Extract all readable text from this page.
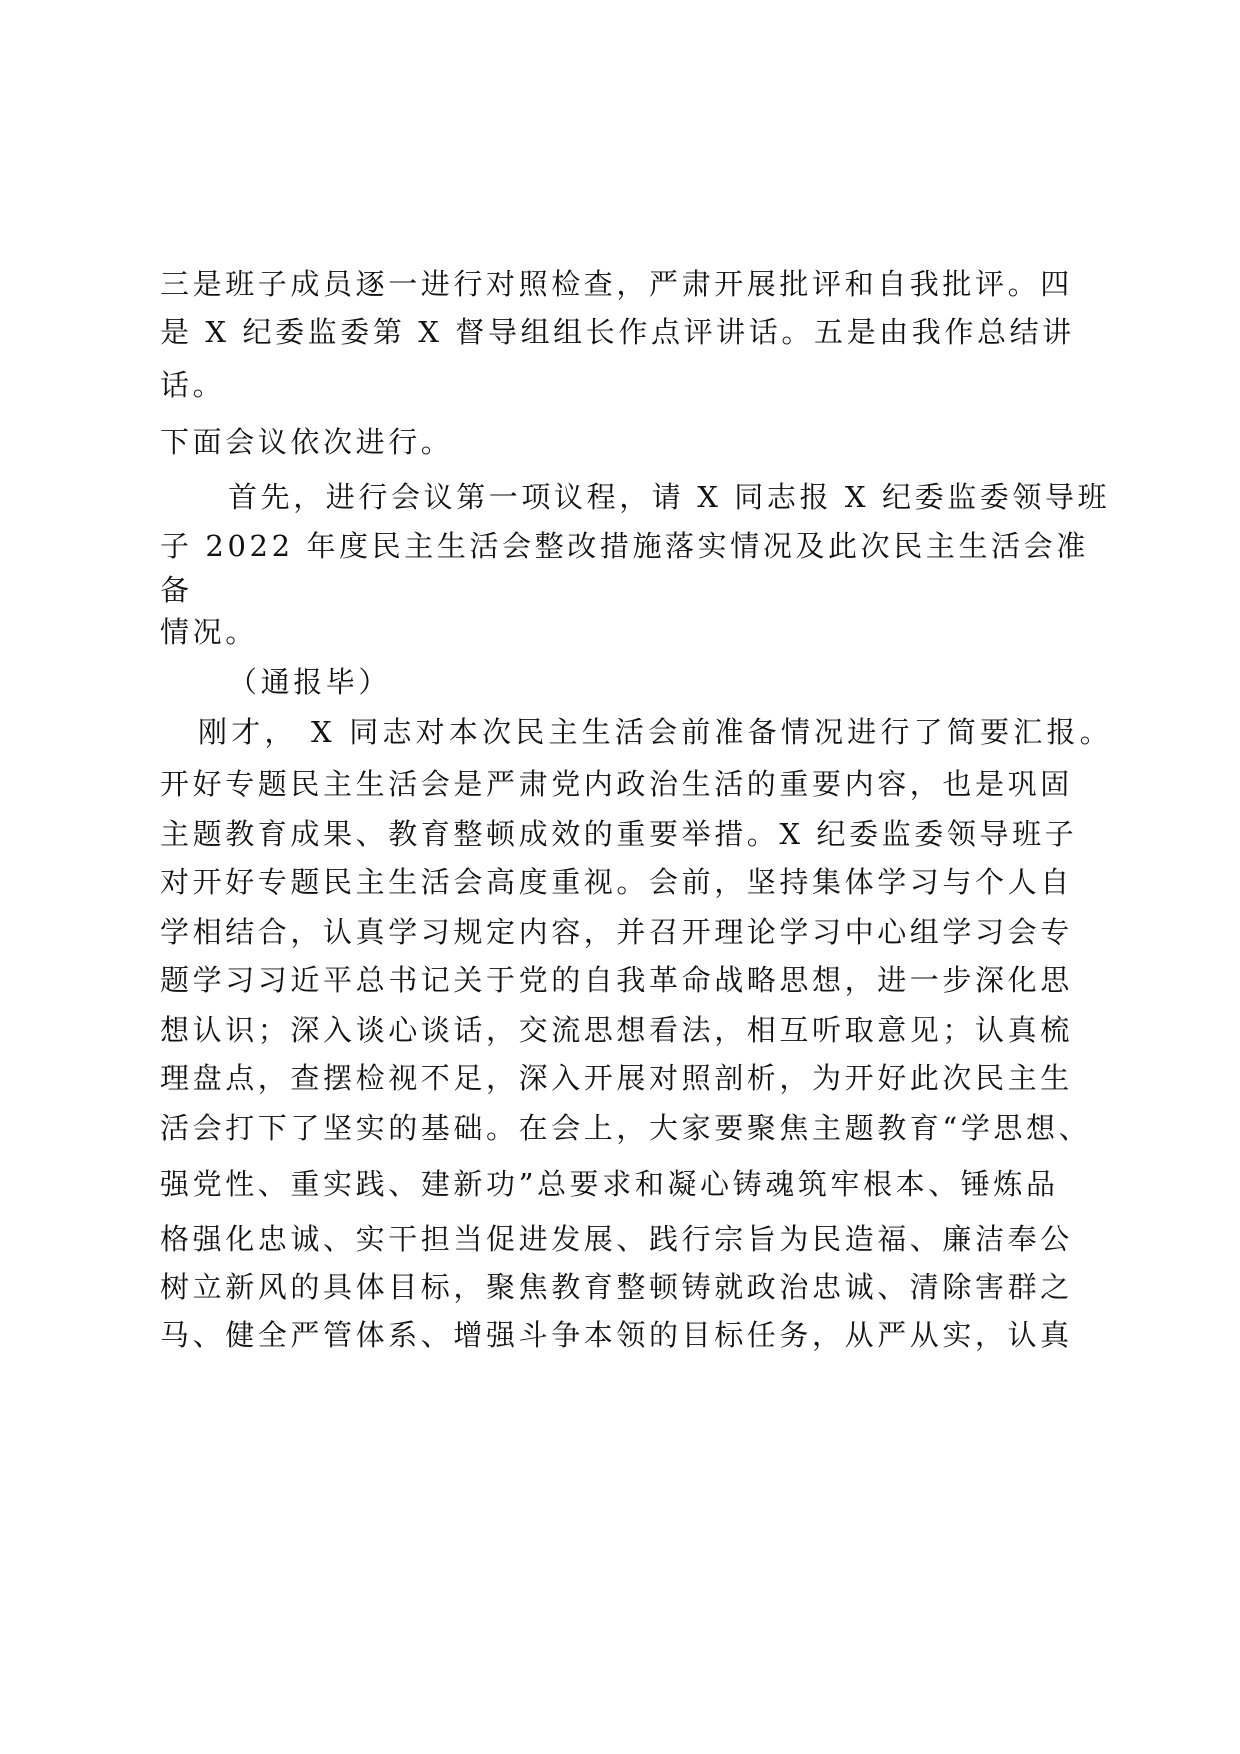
三是班子成员逐一进行对照检查，严肃开展批评和自我批评。四
是 X 纪委监委第 X 督导组组长作点评讲话。五是由我作总结讲
话。
下面会议依次进行。
首先，进行会议第一项议程，请 X 同志报 X 纪委监委领导班
子 2022 年度民主生活会整改措施落实情况及此次民主生活会准
备
情况。
（通报毕）
刚才， X 同志对本次民主生活会前准备情况进行了简要汇报。
开好专题民主生活会是严肃党内政治生活的重要内容，也是巩固
主题教育成果、教育整顿成效的重要举措。X 纪委监委领导班子
对开好专题民主生活会高度重视。会前，坚持集体学习与个人自
学相结合，认真学习规定内容，并召开理论学习中心组学习会专
题学习习近平总书记关于党的自我革命战略思想，进一步深化思
想认识；深入谈心谈话，交流思想看法，相互听取意见；认真梳
理盘点，查摆检视不足，深入开展对照剖析，为开好此次民主生
活会打下了坚实的基础。在会上，大家要聚焦主题教育“学思想、
强党性、重实践、建新功”总要求和凝心铸魂筑牢根本、锤炼品
格强化忠诚、实干担当促进发展、践行宗旨为民造福、廉洁奉公
树立新风的具体目标，聚焦教育整顿铸就政治忠诚、清除害群之
马、健全严管体系、增强斗争本领的目标任务，从严从实，认真
